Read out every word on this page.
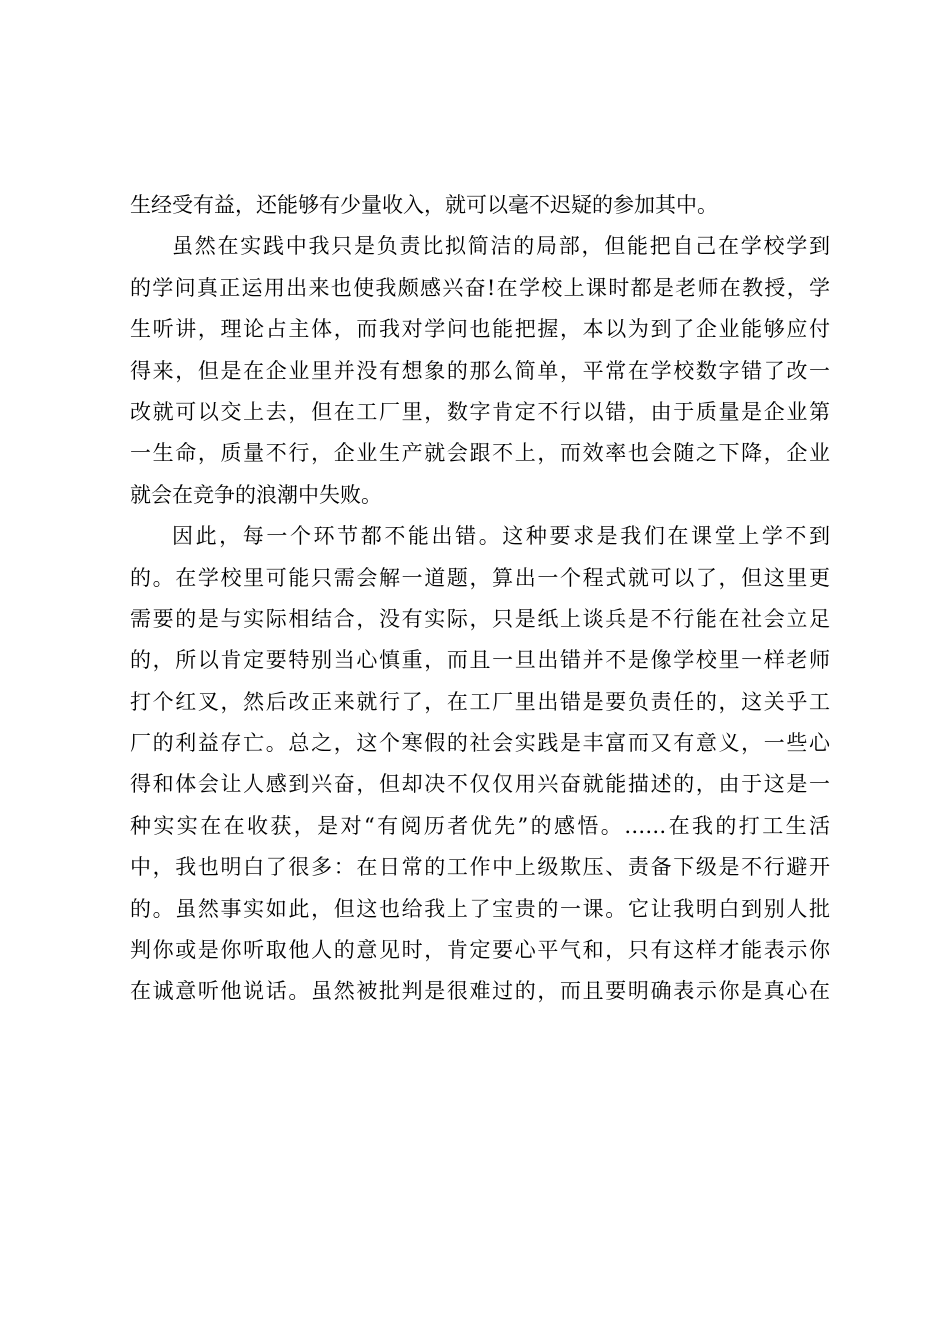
生经受有益，还能够有少量收入，就可以毫不迟疑的参加其中。
虽然在实践中我只是负责比拟简洁的局部，但能把自己在学校学到
的学问真正运用出来也使我颇感兴奋!在学校上课时都是老师在教授，学
生听讲，理论占主体，而我对学问也能把握，本以为到了企业能够应付
得来，但是在企业里并没有想象的那么简单，平常在学校数字错了改一
改就可以交上去，但在工厂里，数字肯定不行以错，由于质量是企业第
一生命，质量不行，企业生产就会跟不上，而效率也会随之下降，企业
就会在竞争的浪潮中失败。
因此，每一个环节都不能出错。这种要求是我们在课堂上学不到
的。在学校里可能只需会解一道题，算出一个程式就可以了，但这里更
需要的是与实际相结合，没有实际，只是纸上谈兵是不行能在社会立足
的，所以肯定要特别当心慎重，而且一旦出错并不是像学校里一样老师
打个红叉，然后改正来就行了，在工厂里出错是要负责任的，这关乎工
厂的利益存亡。总之，这个寒假的社会实践是丰富而又有意义，一些心
得和体会让人感到兴奋，但却决不仅仅用兴奋就能描述的，由于这是一
种实实在在收获，是对“有阅历者优先”的感悟。……在我的打工生活
中，我也明白了很多：在日常的工作中上级欺压、责备下级是不行避开
的。虽然事实如此，但这也给我上了宝贵的一课。它让我明白到别人批
判你或是你听取他人的意见时，肯定要心平气和，只有这样才能表示你
在诚意听他说话。虽然被批判是很难过的，而且要明确表示你是真心在
